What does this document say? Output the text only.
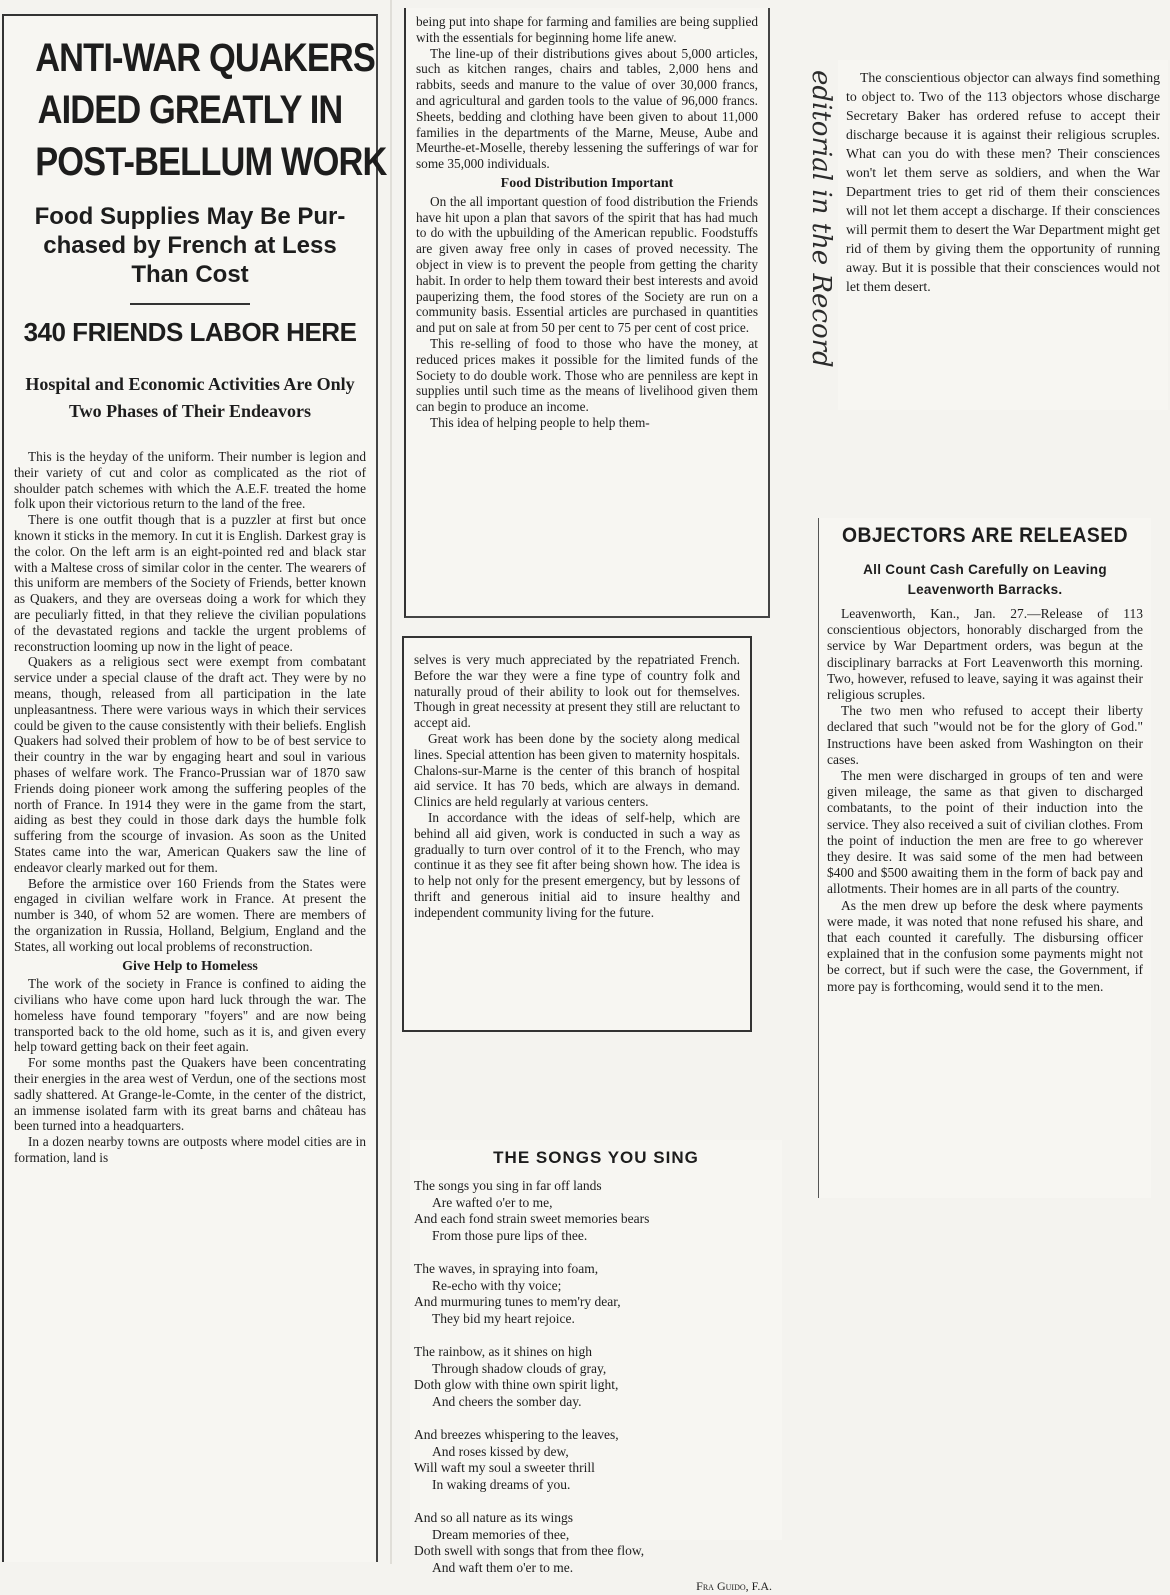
ANTI-WAR QUAKERS
AIDED GREATLY IN
POST-BELLUM WORK
Food Supplies May Be Pur-chased by French at Less Than Cost
340 FRIENDS LABOR HERE
Hospital and Economic Activities Are Only Two Phases of Their Endeavors

This is the heyday of the uniform. Their number is legion and their variety of cut and color as complicated as the riot of shoulder patch schemes with which the A.E.F. treated the home folk upon their victorious return to the land of the free.

There is one outfit though that is a puzzler at first but once known it sticks in the memory. In cut it is English. Darkest gray is the color. On the left arm is an eight-pointed red and black star with a Maltese cross of similar color in the center. The wearers of this uniform are members of the Society of Friends, better known as Quakers, and they are overseas doing a work for which they are peculiarly fitted, in that they relieve the civilian populations of the devastated regions and tackle the urgent problems of reconstruction looming up now in the light of peace.

Quakers as a religious sect were exempt from combatant service under a special clause of the draft act. They were by no means, though, released from all participation in the late unpleasantness. There were various ways in which their services could be given to the cause consistently with their beliefs. English Quakers had solved their problem of how to be of best service to their country in the war by engaging heart and soul in various phases of welfare work. The Franco-Prussian war of 1870 saw Friends doing pioneer work among the suffering peoples of the north of France. In 1914 they were in the game from the start, aiding as best they could in those dark days the humble folk suffering from the scourge of invasion. As soon as the United States came into the war, American Quakers saw the line of endeavor clearly marked out for them.

Before the armistice over 160 Friends from the States were engaged in civilian welfare work in France. At present the number is 340, of whom 52 are women. There are members of the organization in Russia, Holland, Belgium, England and the States, all working out local problems of reconstruction.

Give Help to Homeless

The work of the society in France is confined to aiding the civilians who have come upon hard luck through the war. The homeless have found temporary "foyers" and are now being transported back to the old home, such as it is, and given every help toward getting back on their feet again.

For some months past the Quakers have been concentrating their energies in the area west of Verdun, one of the sections most sadly shattered. At Grange-le-Comte, in the center of the district, an immense isolated farm with its great barns and château has been turned into a headquarters.

In a dozen nearby towns are outposts where model cities are in formation, land is

being put into shape for farming and families are being supplied with the essentials for beginning home life anew.

The line-up of their distributions gives about 5,000 articles, such as kitchen ranges, chairs and tables, 2,000 hens and rabbits, seeds and manure to the value of over 30,000 francs, and agricultural and garden tools to the value of 96,000 francs. Sheets, bedding and clothing have been given to about 11,000 families in the departments of the Marne, Meuse, Aube and Meurthe-et-Moselle, thereby lessening the sufferings of war for some 35,000 individuals.

Food Distribution Important

On the all important question of food distribution the Friends have hit upon a plan that savors of the spirit that has had much to do with the upbuilding of the American republic. Foodstuffs are given away free only in cases of proved necessity. The object in view is to prevent the people from getting the charity habit. In order to help them toward their best interests and avoid pauperizing them, the food stores of the Society are run on a community basis. Essential articles are purchased in quantities and put on sale at from 50 per cent to 75 per cent of cost price.

This re-selling of food to those who have the money, at reduced prices makes it possible for the limited funds of the Society to do double work. Those who are penniless are kept in supplies until such time as the means of livelihood given them can begin to produce an income.

This idea of helping people to help them-

selves is very much appreciated by the repatriated French. Before the war they were a fine type of country folk and naturally proud of their ability to look out for themselves. Though in great necessity at present they still are reluctant to accept aid.

Great work has been done by the society along medical lines. Special attention has been given to maternity hospitals. Chalons-sur-Marne is the center of this branch of hospital aid service. It has 70 beds, which are always in demand. Clinics are held regularly at various centers.

In accordance with the ideas of self-help, which are behind all aid given, work is conducted in such a way as gradually to turn over control of it to the French, who may continue it as they see fit after being shown how. The idea is to help not only for the present emergency, but by lessons of thrift and generous initial aid to insure healthy and independent community living for the future.

THE SONGS YOU SING
The songs you sing in far off lands
Are wafted o'er to me,
And each fond strain sweet memories bears
From those pure lips of thee.
The waves, in spraying into foam,
Re-echo with thy voice;
And murmuring tunes to mem'ry dear,
They bid my heart rejoice.
The rainbow, as it shines on high
Through shadow clouds of gray,
Doth glow with thine own spirit light,
And cheers the somber day.
And breezes whispering to the leaves,
And roses kissed by dew,
Will waft my soul a sweeter thrill
In waking dreams of you.
And so all nature as its wings
Dream memories of thee,
Doth swell with songs that from thee flow,
And waft them o'er to me.
Fra Guido, F.A.
editorial in the Record	The conscientious objector can always find something to object to. Two of the 113 objectors whose discharge Secretary Baker has ordered refuse to accept their discharge because it is against their religious scruples. What can you do with these men? Their consciences won't let them serve as soldiers, and when the War Department tries to get rid of them their consciences will not let them accept a discharge. If their consciences will permit them to desert the War Department might get rid of them by giving them the opportunity of running away. But it is possible that their consciences would not let them desert.

OBJECTORS ARE RELEASED
All Count Cash Carefully on Leaving Leavenworth Barracks.

Leavenworth, Kan., Jan. 27.—Release of 113 conscientious objectors, honorably discharged from the service by War Department orders, was begun at the disciplinary barracks at Fort Leavenworth this morning. Two, however, refused to leave, saying it was against their religious scruples.

The two men who refused to accept their liberty declared that such "would not be for the glory of God." Instructions have been asked from Washington on their cases.

The men were discharged in groups of ten and were given mileage, the same as that given to discharged combatants, to the point of their induction into the service. They also received a suit of civilian clothes. From the point of induction the men are free to go wherever they desire. It was said some of the men had between $400 and $500 awaiting them in the form of back pay and allotments. Their homes are in all parts of the country.

As the men drew up before the desk where payments were made, it was noted that none refused his share, and that each counted it carefully. The disbursing officer explained that in the confusion some payments might not be correct, but if such were the case, the Government, if more pay is forthcoming, would send it to the men.
